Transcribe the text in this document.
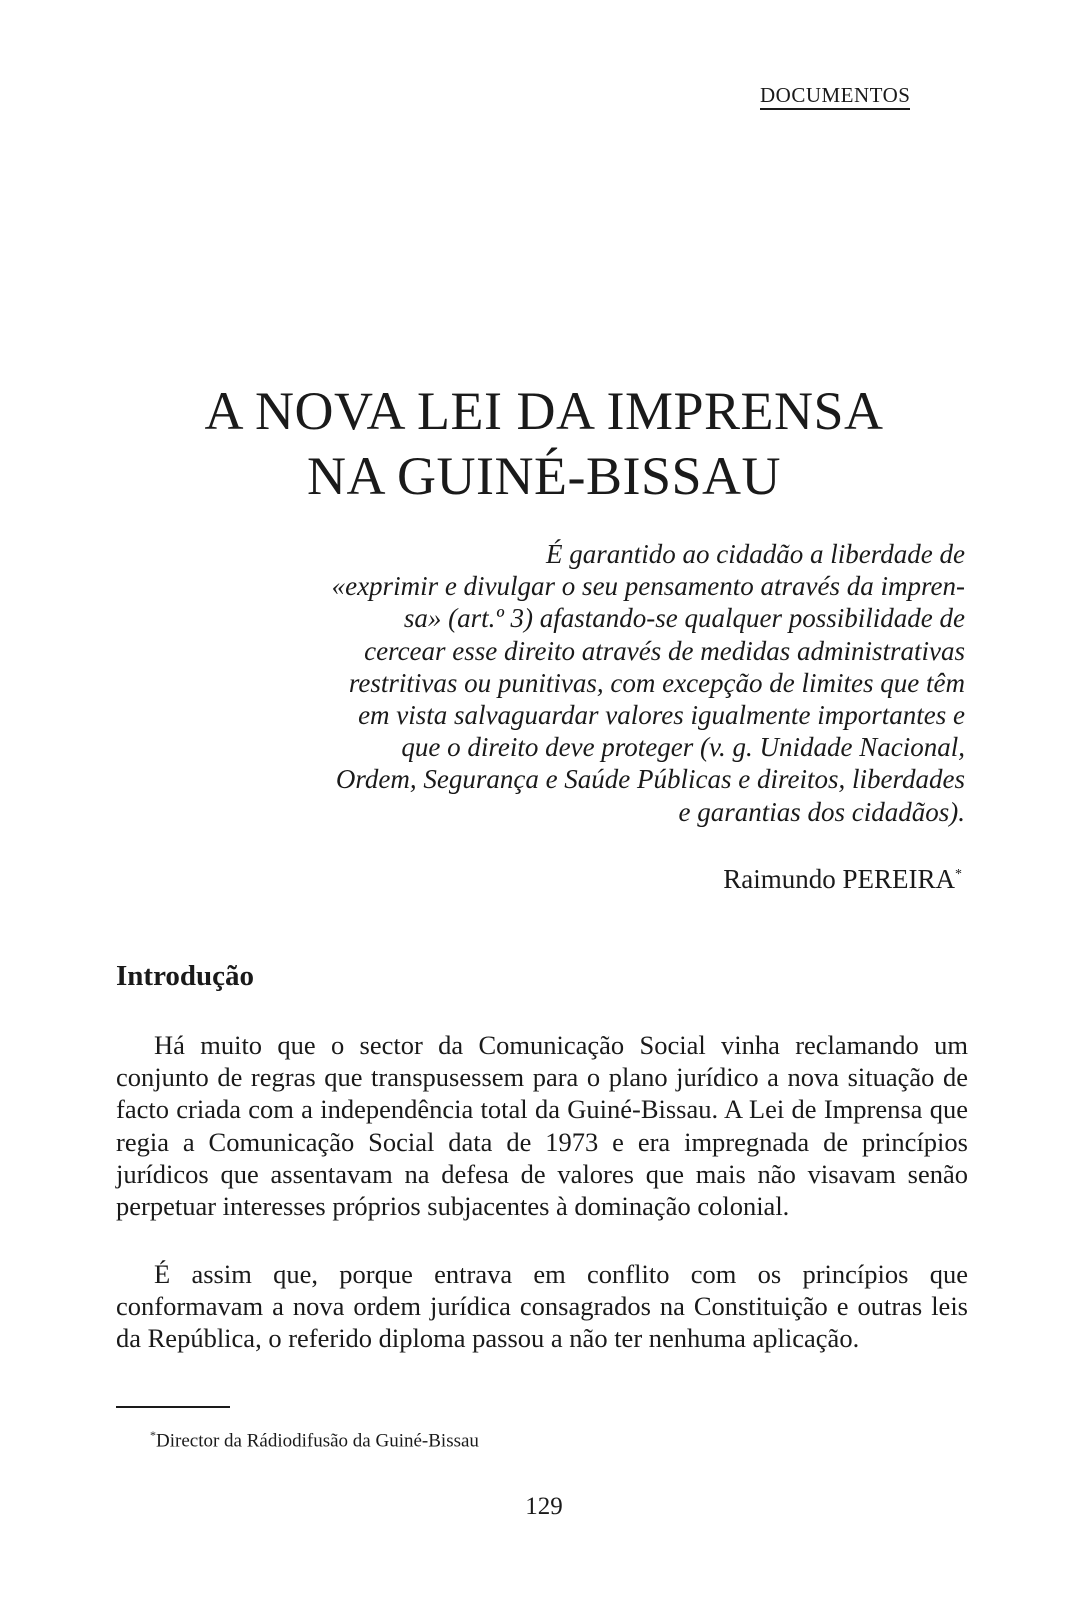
DOCUMENTOS
A NOVA LEI DA IMPRENSA
NA GUINÉ-BISSAU

É garantido ao cidadão a liberdade de
«exprimir e divulgar o seu pensamento através da impren-
sa» (art.º 3) afastando-se qualquer possibilidade de
cercear esse direito através de medidas administrativas
restritivas ou punitivas, com excepção de limites que têm
em vista salvaguardar valores igualmente importantes e
que o direito deve proteger (v. g. Unidade Nacional,
Ordem, Segurança e Saúde Públicas e direitos, liberdades
e garantias dos cidadãos).

Raimundo PEREIRA*
Introdução

Há muito que o sector da Comunicação Social vinha reclamando um conjunto de regras que transpusessem para o plano jurídico a nova situação de facto criada com a independência total da Guiné-Bissau. A Lei de Imprensa que regia a Comunicação Social data de 1973 e era impregnada de princípios jurídicos que assentavam na defesa de valores que mais não visavam senão perpetuar interesses próprios subjacentes à dominação colonial.

É assim que, porque entrava em conflito com os princípios que conformavam a nova ordem jurídica consagrados na Constituição e outras leis da República, o referido diploma passou a não ter nenhuma aplicação.

*Director da Rádiodifusão da Guiné-Bissau
129
